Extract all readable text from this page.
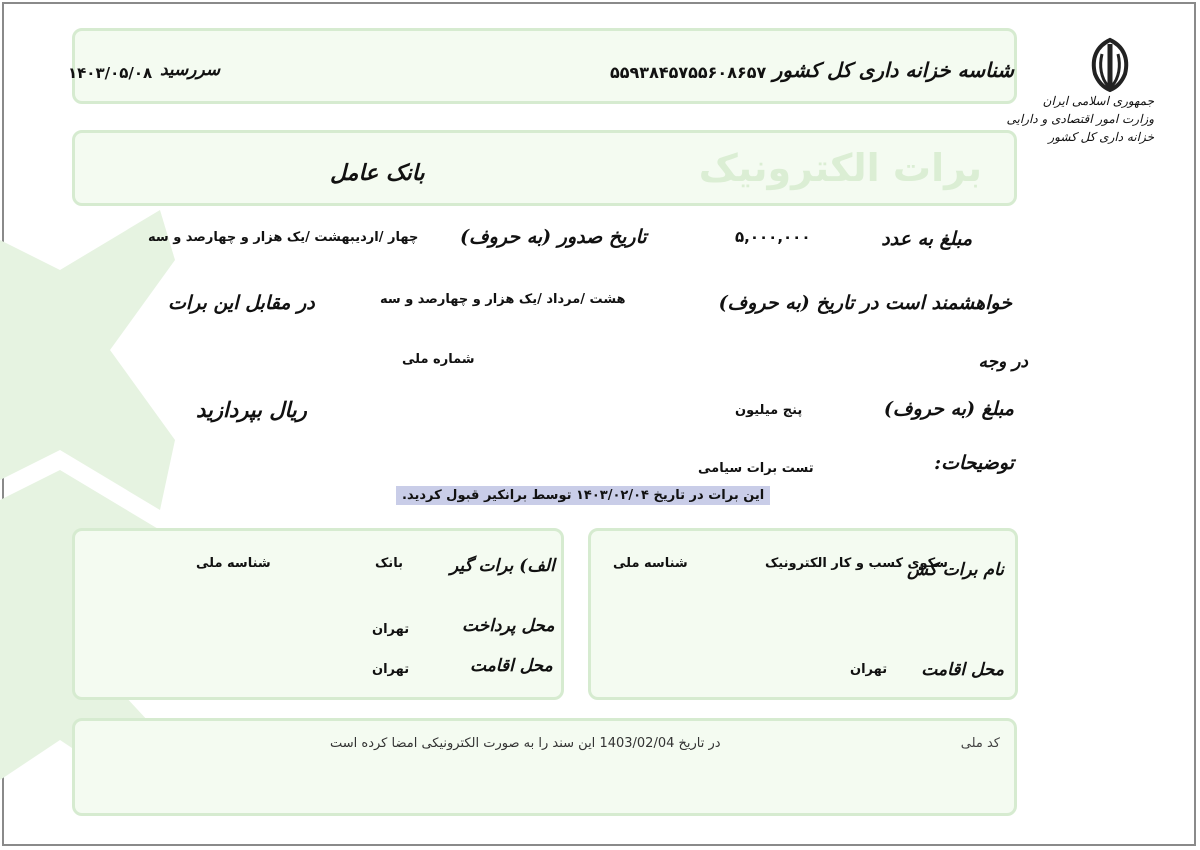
شناسه خزانه داری کل کشور
۵۵۹۳۸۴۵۷۵۵۶۰۸۶۵۷
سررسید
۱۴۰۳/۰۵/۰۸
جمهوری اسلامی ایران
وزارت امور اقتصادی و دارایی
خزانه داری کل کشور
برات الکترونیک
بانک عامل
مبلغ به عدد
۵,۰۰۰,۰۰۰
تاریخ صدور (به حروف)
چهار /اردیبهشت /یک هزار و چهارصد و سه
خواهشمند است در تاریخ (به حروف)
هشت /مرداد /یک هزار و چهارصد و سه
در مقابل این برات
در وجه
شماره ملی
مبلغ (به حروف)
پنج میلیون
ریال بپردازید
توضیحات:
تست برات سیامی
این برات در تاریخ ۱۴۰۳/۰۲/۰۴ توسط برانکیر قبول کردید.
نام برات کش
سکوی کسب و کار الکترونیک
شناسه ملی
محل اقامت
تهران
الف) برات گیر
بانک
شناسه ملی
محل پرداخت
تهران
محل اقامت
تهران
کد ملی
در تاریخ 1403/02/04 این سند را به صورت الکترونیکی امضا کرده است
